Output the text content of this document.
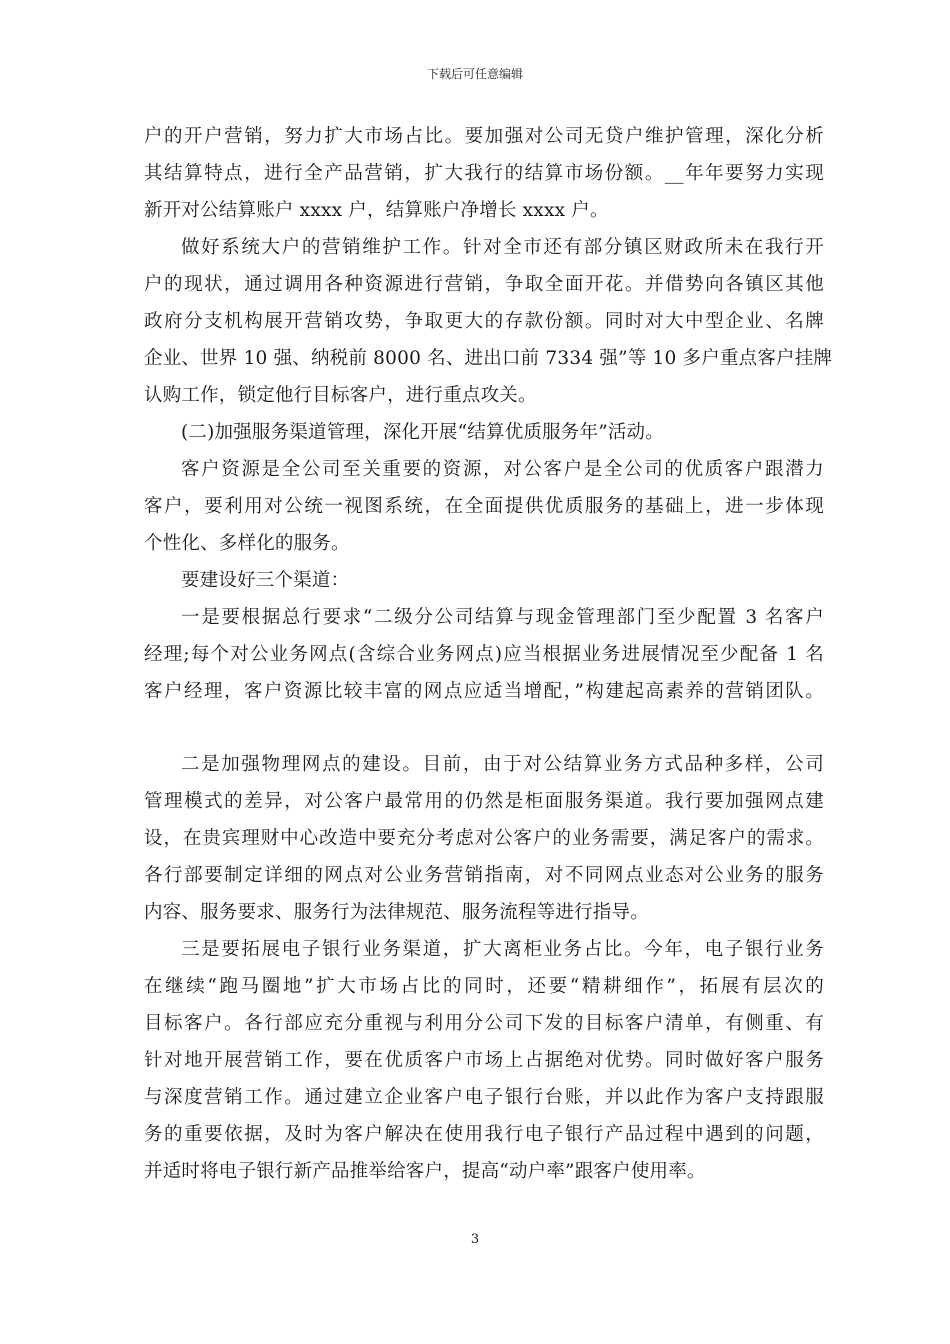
下载后可任意编辑
户的开户营销，努力扩大市场占比。要加强对公司无贷户维护管理，深化分析
其结算特点，进行全产品营销，扩大我行的结算市场份额。__年年要努力实现
新开对公结算账户 xxxx 户，结算账户净增长 xxxx 户。
做好系统大户的营销维护工作。针对全市还有部分镇区财政所未在我行开
户的现状，通过调用各种资源进行营销，争取全面开花。并借势向各镇区其他
政府分支机构展开营销攻势，争取更大的存款份额。同时对大中型企业、名牌
企业、世界 10 强、纳税前 8000 名、进出口前 7334 强”等 10 多户重点客户挂牌
认购工作，锁定他行目标客户，进行重点攻关。
(二)加强服务渠道管理，深化开展“结算优质服务年”活动。
客户资源是全公司至关重要的资源，对公客户是全公司的优质客户跟潜力
客户，要利用对公统一视图系统，在全面提供优质服务的基础上，进一步体现
个性化、多样化的服务。
要建设好三个渠道：
一是要根据总行要求“二级分公司结算与现金管理部门至少配置 3 名客户
经理;每个对公业务网点(含综合业务网点)应当根据业务进展情况至少配备 1 名
客户经理，客户资源比较丰富的网点应适当增配，”构建起高素养的营销团队。
二是加强物理网点的建设。目前，由于对公结算业务方式品种多样，公司
管理模式的差异，对公客户最常用的仍然是柜面服务渠道。我行要加强网点建
设，在贵宾理财中心改造中要充分考虑对公客户的业务需要，满足客户的需求。
各行部要制定详细的网点对公业务营销指南，对不同网点业态对公业务的服务
内容、服务要求、服务行为法律规范、服务流程等进行指导。
三是要拓展电子银行业务渠道，扩大离柜业务占比。今年，电子银行业务
在继续“跑马圈地”扩大市场占比的同时，还要“精耕细作”，拓展有层次的
目标客户。各行部应充分重视与利用分公司下发的目标客户清单，有侧重、有
针对地开展营销工作，要在优质客户市场上占据绝对优势。同时做好客户服务
与深度营销工作。通过建立企业客户电子银行台账，并以此作为客户支持跟服
务的重要依据，及时为客户解决在使用我行电子银行产品过程中遇到的问题，
并适时将电子银行新产品推举给客户，提高“动户率”跟客户使用率。
3
